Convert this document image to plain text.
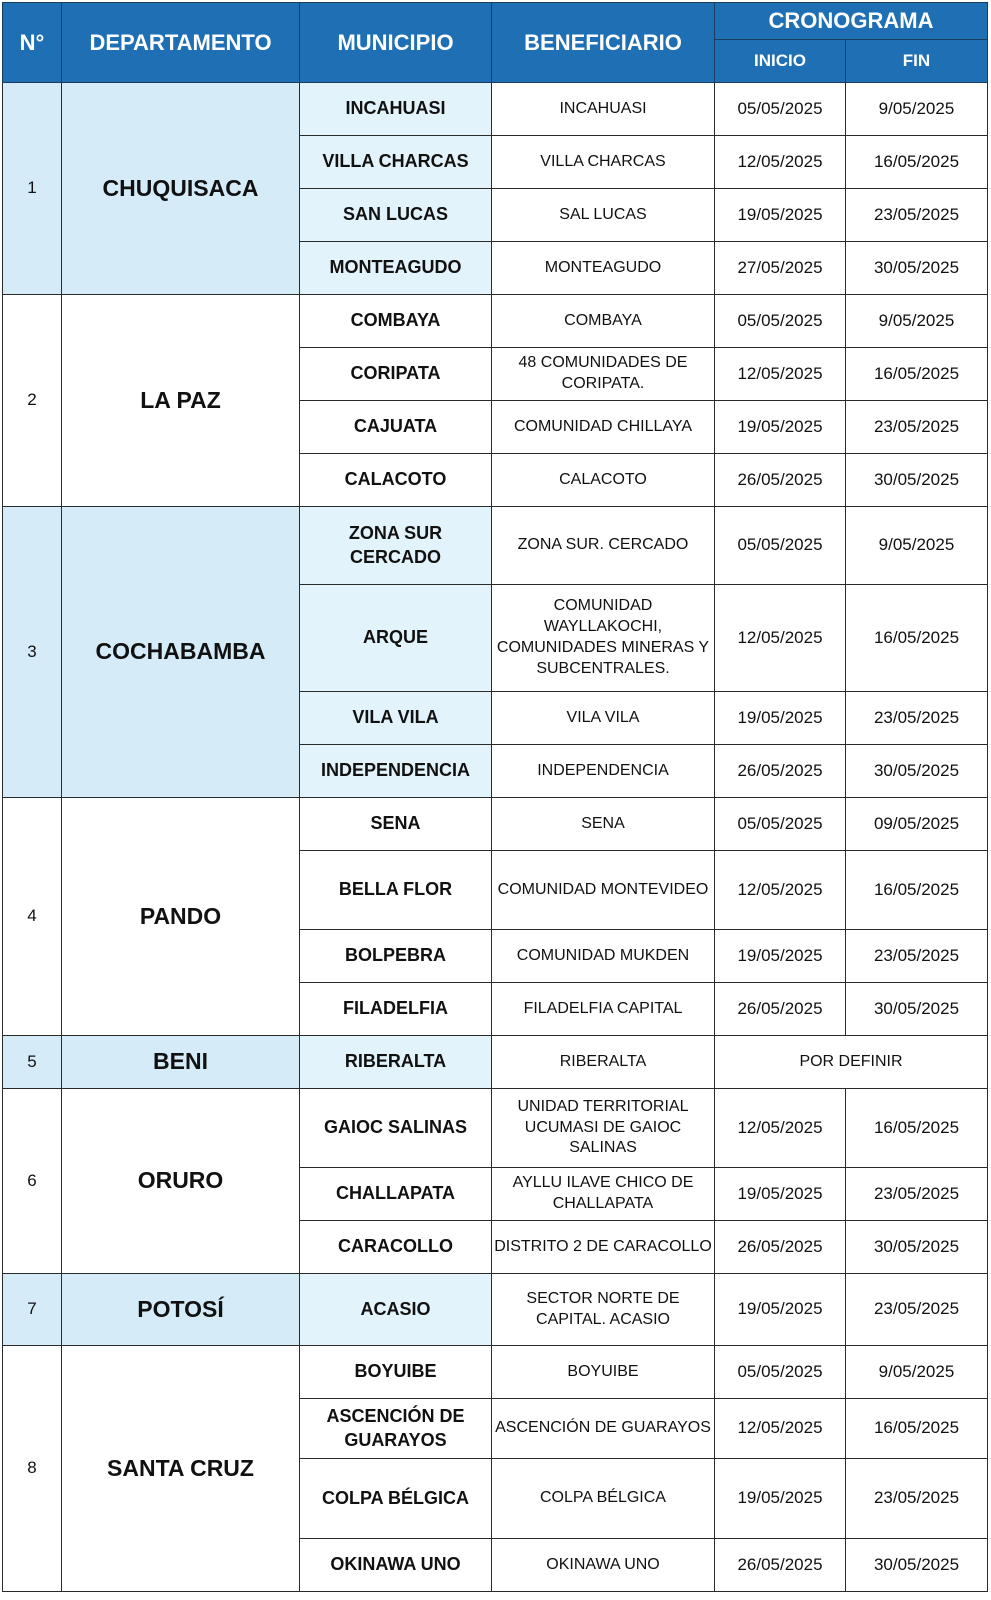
N°	DEPARTAMENTO	MUNICIPIO	BENEFICIARIO	CRONOGRAMA	
				INICIO	FIN
1	CHUQUISACA	INCAHUASI	INCAHUASI	05/05/2025	9/05/2025
		VILLA CHARCAS	VILLA CHARCAS	12/05/2025	16/05/2025
		SAN LUCAS	SAL LUCAS	19/05/2025	23/05/2025
		MONTEAGUDO	MONTEAGUDO	27/05/2025	30/05/2025
2	LA PAZ	COMBAYA	COMBAYA	05/05/2025	9/05/2025
		CORIPATA	48 COMUNIDADES DE CORIPATA.	12/05/2025	16/05/2025
		CAJUATA	COMUNIDAD CHILLAYA	19/05/2025	23/05/2025
		CALACOTO	CALACOTO	26/05/2025	30/05/2025
3	COCHABAMBA	ZONA SUR CERCADO	ZONA SUR. CERCADO	05/05/2025	9/05/2025
		ARQUE	COMUNIDAD WAYLLAKOCHI, COMUNIDADES MINERAS Y SUBCENTRALES.	12/05/2025	16/05/2025
		VILA VILA	VILA VILA	19/05/2025	23/05/2025
		INDEPENDENCIA	INDEPENDENCIA	26/05/2025	30/05/2025
4	PANDO	SENA	SENA	05/05/2025	09/05/2025
		BELLA FLOR	COMUNIDAD MONTEVIDEO	12/05/2025	16/05/2025
		BOLPEBRA	COMUNIDAD MUKDEN	19/05/2025	23/05/2025
		FILADELFIA	FILADELFIA CAPITAL	26/05/2025	30/05/2025
5	BENI	RIBERALTA	RIBERALTA	POR DEFINIR	
6	ORURO	GAIOC SALINAS	UNIDAD TERRITORIAL UCUMASI DE GAIOC SALINAS	12/05/2025	16/05/2025
		CHALLAPATA	AYLLU ILAVE CHICO DE CHALLAPATA	19/05/2025	23/05/2025
		CARACOLLO	DISTRITO 2 DE CARACOLLO	26/05/2025	30/05/2025
7	POTOSÍ	ACASIO	SECTOR NORTE DE CAPITAL. ACASIO	19/05/2025	23/05/2025
8	SANTA CRUZ	BOYUIBE	BOYUIBE	05/05/2025	9/05/2025
		ASCENCIÓN DE GUARAYOS	ASCENCIÓN DE GUARAYOS	12/05/2025	16/05/2025
		COLPA BÉLGICA	COLPA BÉLGICA	19/05/2025	23/05/2025
		OKINAWA UNO	OKINAWA UNO	26/05/2025	30/05/2025
